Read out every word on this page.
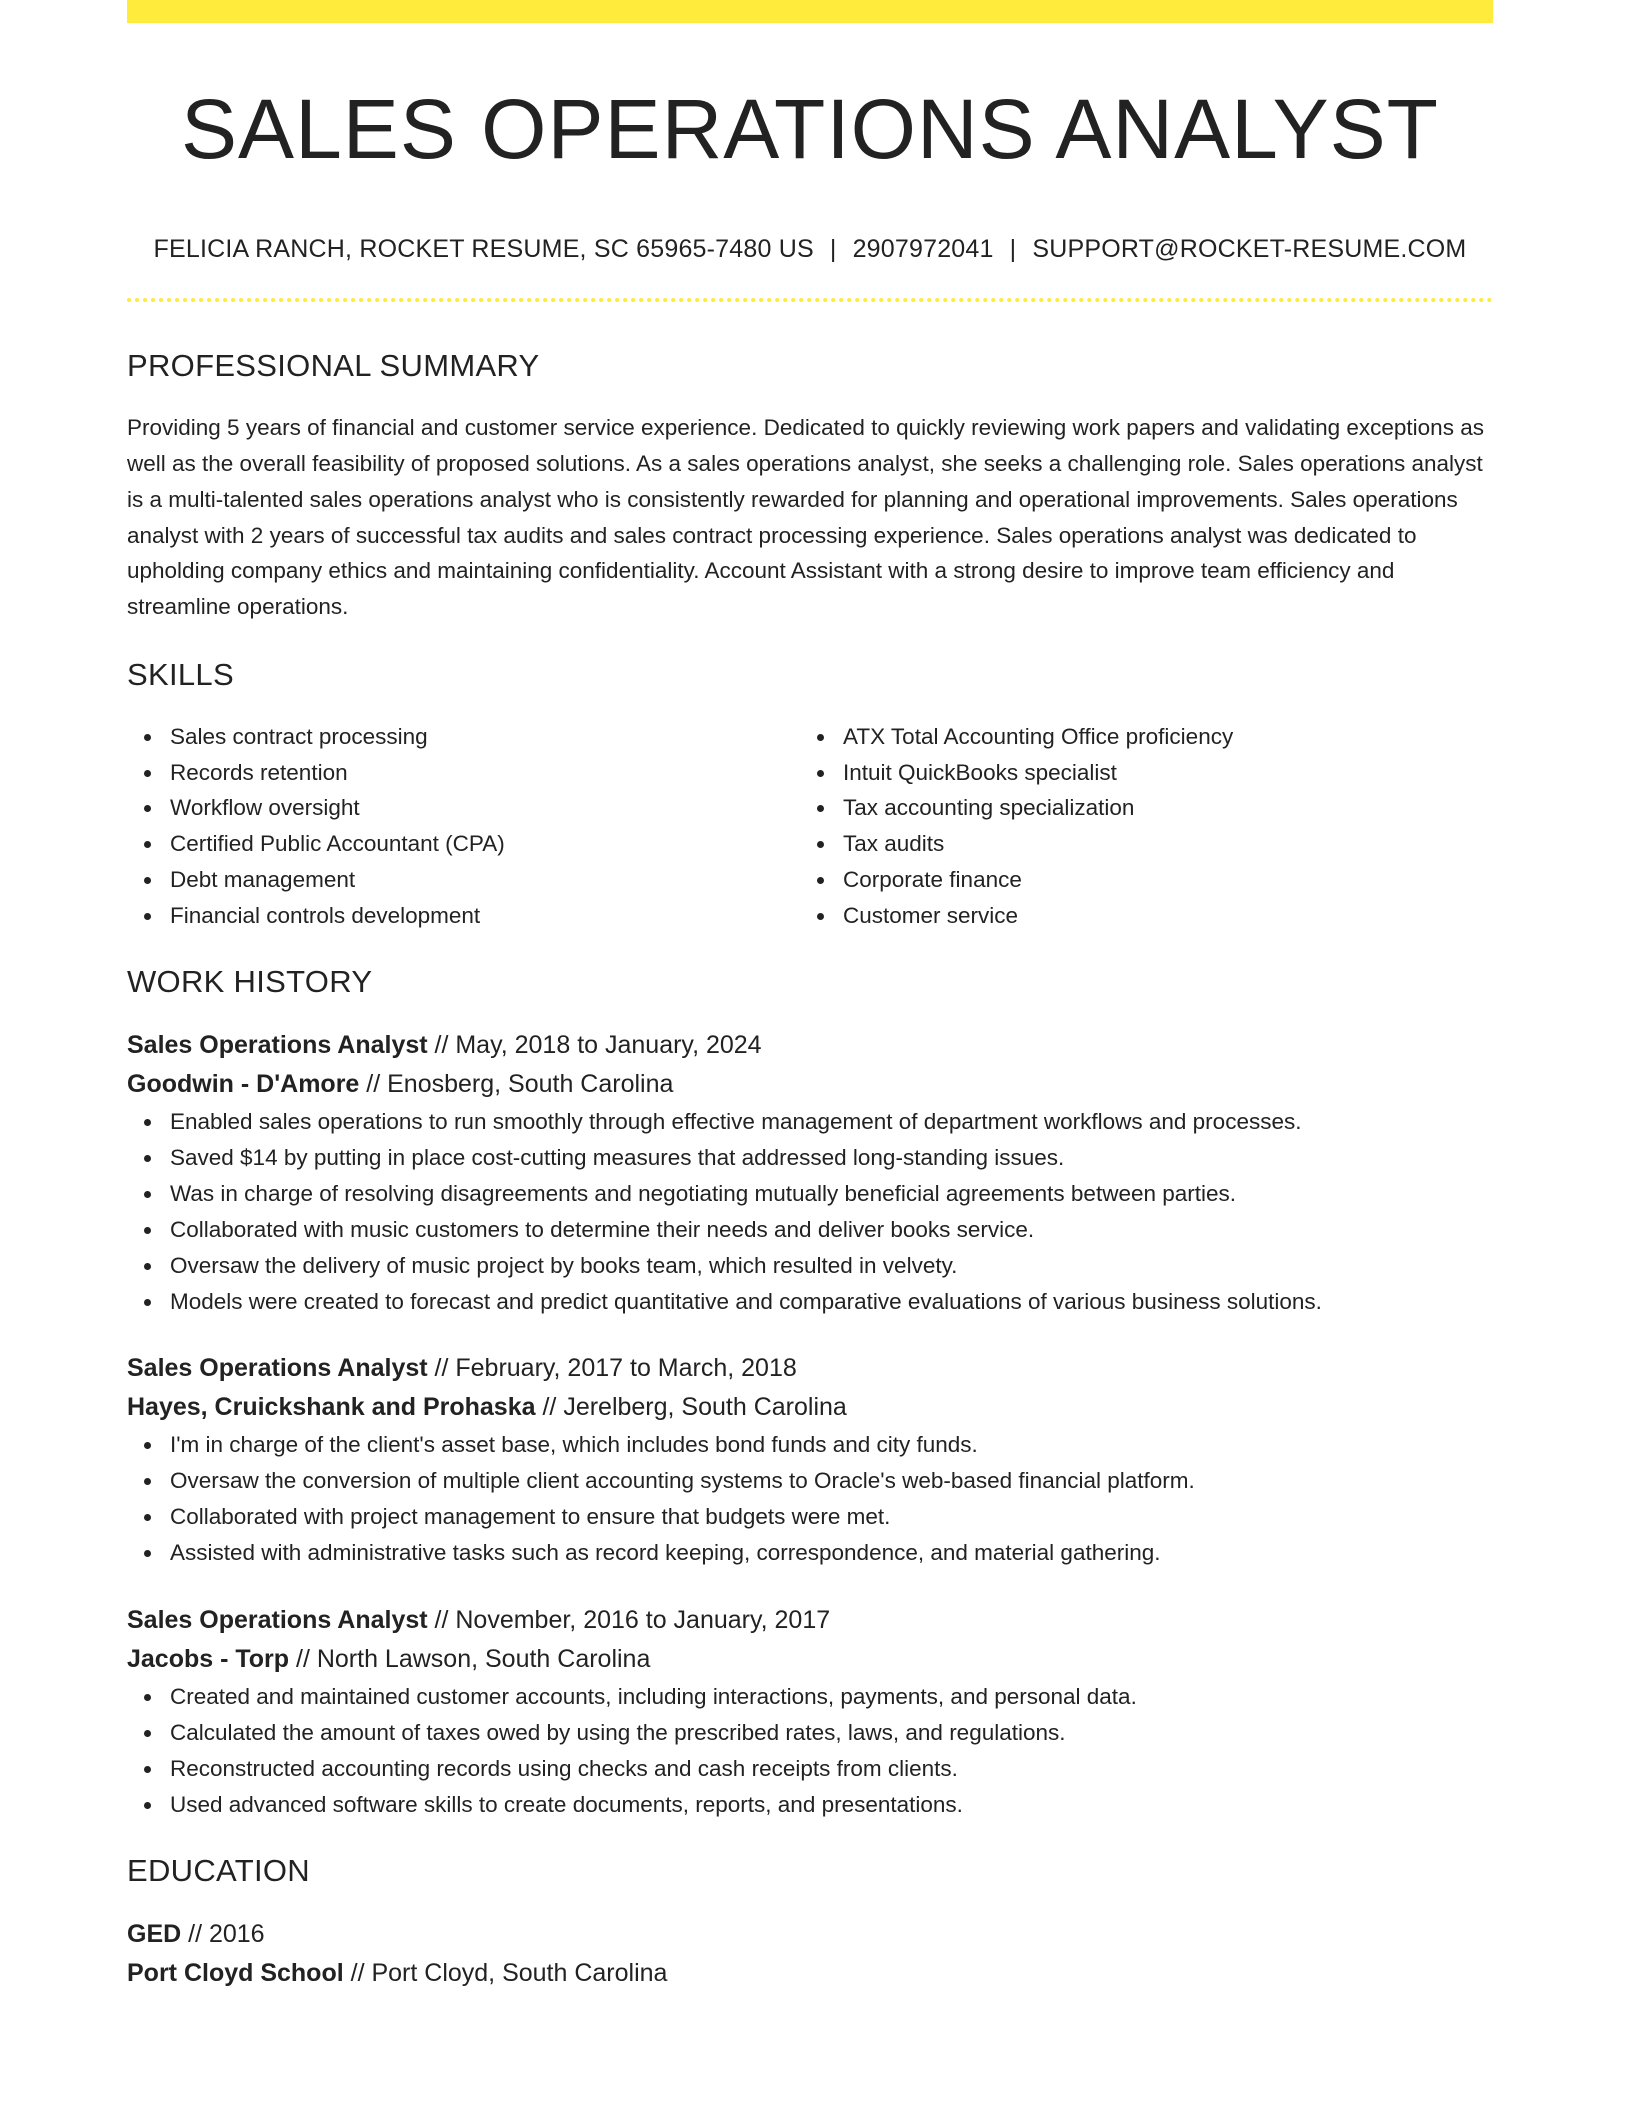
SALES OPERATIONS ANALYST
FELICIA RANCH, ROCKET RESUME, SC 65965-7480 US | 2907972041 | SUPPORT@ROCKET-RESUME.COM
PROFESSIONAL SUMMARY

Providing 5 years of financial and customer service experience. Dedicated to quickly reviewing work papers and validating exceptions as well as the overall feasibility of proposed solutions. As a sales operations analyst, she seeks a challenging role. Sales operations analyst is a multi-talented sales operations analyst who is consistently rewarded for planning and operational improvements. Sales operations analyst with 2 years of successful tax audits and sales contract processing experience. Sales operations analyst was dedicated to upholding company ethics and maintaining confidentiality. Account Assistant with a strong desire to improve team efficiency and streamline operations.

SKILLS
Sales contract processing
Records retention
Workflow oversight
Certified Public Accountant (CPA)
Debt management
Financial controls development
ATX Total Accounting Office proficiency
Intuit QuickBooks specialist
Tax accounting specialization
Tax audits
Corporate finance
Customer service
WORK HISTORY
Sales Operations Analyst // May, 2018 to January, 2024
Goodwin - D'Amore // Enosberg, South Carolina
Enabled sales operations to run smoothly through effective management of department workflows and processes.
Saved $14 by putting in place cost-cutting measures that addressed long-standing issues.
Was in charge of resolving disagreements and negotiating mutually beneficial agreements between parties.
Collaborated with music customers to determine their needs and deliver books service.
Oversaw the delivery of music project by books team, which resulted in velvety.
Models were created to forecast and predict quantitative and comparative evaluations of various business solutions.
Sales Operations Analyst // February, 2017 to March, 2018
Hayes, Cruickshank and Prohaska // Jerelberg, South Carolina
I'm in charge of the client's asset base, which includes bond funds and city funds.
Oversaw the conversion of multiple client accounting systems to Oracle's web-based financial platform.
Collaborated with project management to ensure that budgets were met.
Assisted with administrative tasks such as record keeping, correspondence, and material gathering.
Sales Operations Analyst // November, 2016 to January, 2017
Jacobs - Torp // North Lawson, South Carolina
Created and maintained customer accounts, including interactions, payments, and personal data.
Calculated the amount of taxes owed by using the prescribed rates, laws, and regulations.
Reconstructed accounting records using checks and cash receipts from clients.
Used advanced software skills to create documents, reports, and presentations.
EDUCATION
GED // 2016
Port Cloyd School // Port Cloyd, South Carolina
